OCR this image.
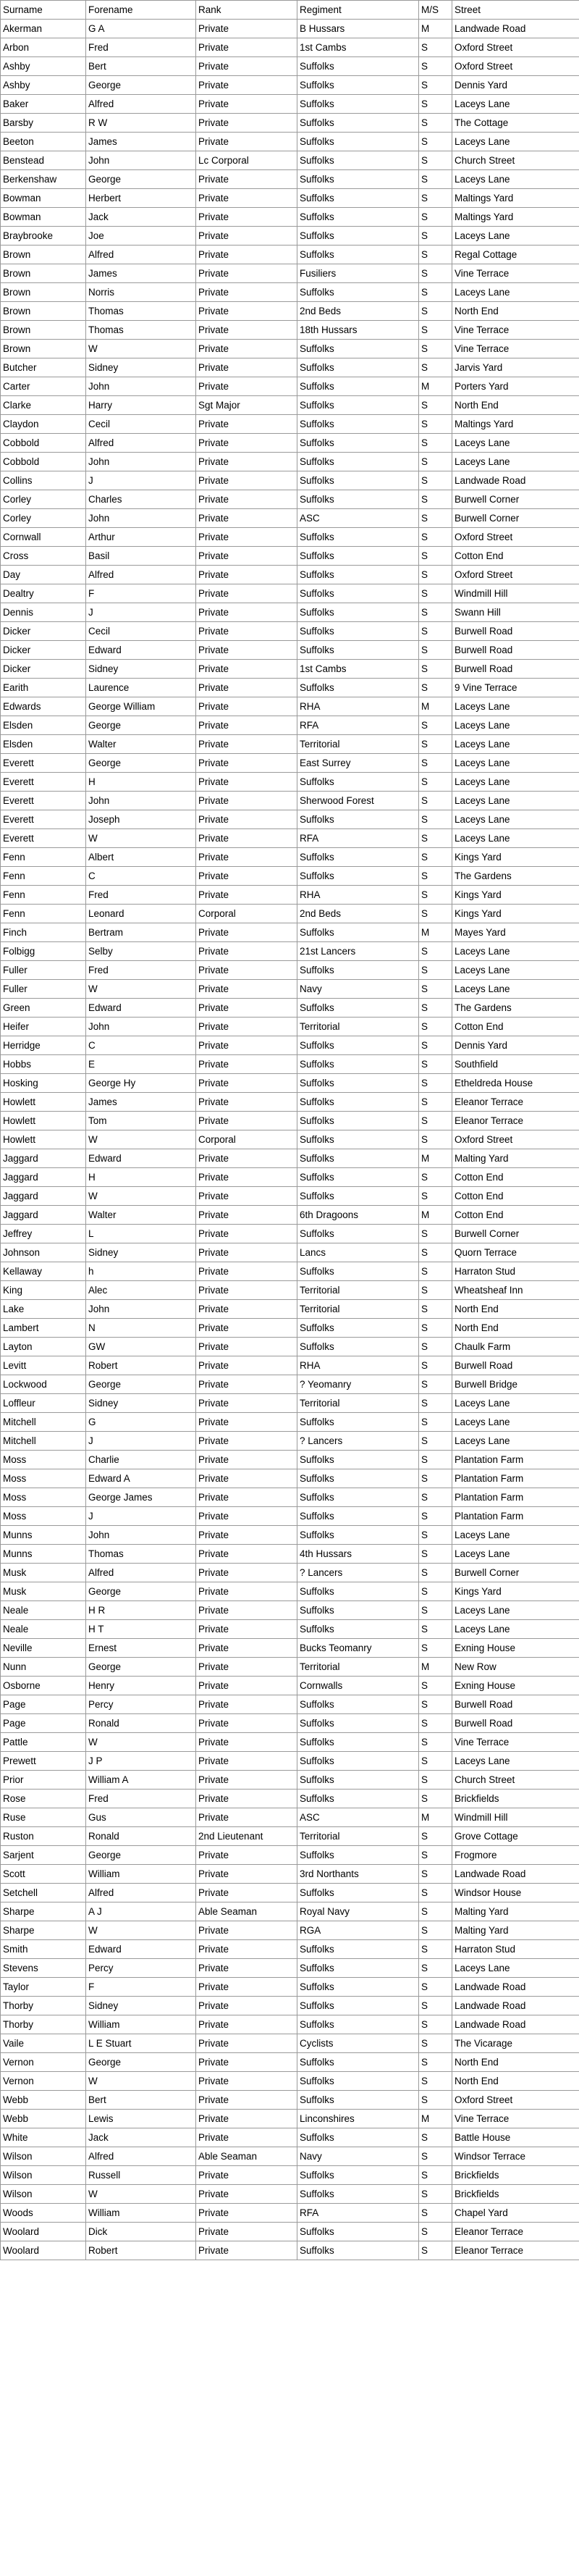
Surname	Forename	Rank	Regiment	M/S	Street
Akerman	G A	Private	B Hussars	M	Landwade Road
Arbon	Fred	Private	1st Cambs	S	Oxford Street
Ashby	Bert	Private	Suffolks	S	Oxford Street
Ashby	George	Private	Suffolks	S	Dennis Yard
Baker	Alfred	Private	Suffolks	S	Laceys Lane
Barsby	R W	Private	Suffolks	S	The Cottage
Beeton	James	Private	Suffolks	S	Laceys Lane
Benstead	John	Lc Corporal	Suffolks	S	Church Street
Berkenshaw	George	Private	Suffolks	S	Laceys Lane
Bowman	Herbert	Private	Suffolks	S	Maltings Yard
Bowman	Jack	Private	Suffolks	S	Maltings Yard
Braybrooke	Joe	Private	Suffolks	S	Laceys Lane
Brown	Alfred	Private	Suffolks	S	Regal Cottage
Brown	James	Private	Fusiliers	S	Vine Terrace
Brown	Norris	Private	Suffolks	S	Laceys Lane
Brown	Thomas	Private	2nd Beds	S	North End
Brown	Thomas	Private	18th Hussars	S	Vine Terrace
Brown	W	Private	Suffolks	S	Vine Terrace
Butcher	Sidney	Private	Suffolks	S	Jarvis Yard
Carter	John	Private	Suffolks	M	Porters Yard
Clarke	Harry	Sgt Major	Suffolks	S	North End
Claydon	Cecil	Private	Suffolks	S	Maltings Yard
Cobbold	Alfred	Private	Suffolks	S	Laceys Lane
Cobbold	John	Private	Suffolks	S	Laceys Lane
Collins	J	Private	Suffolks	S	Landwade Road
Corley	Charles	Private	Suffolks	S	Burwell Corner
Corley	John	Private	ASC	S	Burwell Corner
Cornwall	Arthur	Private	Suffolks	S	Oxford Street
Cross	Basil	Private	Suffolks	S	Cotton End
Day	Alfred	Private	Suffolks	S	Oxford Street
Dealtry	F	Private	Suffolks	S	Windmill Hill
Dennis	J	Private	Suffolks	S	Swann Hill
Dicker	Cecil	Private	Suffolks	S	Burwell Road
Dicker	Edward	Private	Suffolks	S	Burwell Road
Dicker	Sidney	Private	1st Cambs	S	Burwell Road
Earith	Laurence	Private	Suffolks	S	9 Vine Terrace
Edwards	George William	Private	RHA	M	Laceys Lane
Elsden	George	Private	RFA	S	Laceys Lane
Elsden	Walter	Private	Territorial	S	Laceys Lane
Everett	George	Private	East Surrey	S	Laceys Lane
Everett	H	Private	Suffolks	S	Laceys Lane
Everett	John	Private	Sherwood Forest	S	Laceys Lane
Everett	Joseph	Private	Suffolks	S	Laceys Lane
Everett	W	Private	RFA	S	Laceys Lane
Fenn	Albert	Private	Suffolks	S	Kings Yard
Fenn	C	Private	Suffolks	S	The Gardens
Fenn	Fred	Private	RHA	S	Kings Yard
Fenn	Leonard	Corporal	2nd Beds	S	Kings Yard
Finch	Bertram	Private	Suffolks	M	Mayes Yard
Folbigg	Selby	Private	21st Lancers	S	Laceys Lane
Fuller	Fred	Private	Suffolks	S	Laceys Lane
Fuller	W	Private	Navy	S	Laceys Lane
Green	Edward	Private	Suffolks	S	The Gardens
Heifer	John	Private	Territorial	S	Cotton End
Herridge	C	Private	Suffolks	S	Dennis Yard
Hobbs	E	Private	Suffolks	S	Southfield
Hosking	George Hy	Private	Suffolks	S	Etheldreda House
Howlett	James	Private	Suffolks	S	Eleanor Terrace
Howlett	Tom	Private	Suffolks	S	Eleanor Terrace
Howlett	W	Corporal	Suffolks	S	Oxford Street
Jaggard	Edward	Private	Suffolks	M	Malting Yard
Jaggard	H	Private	Suffolks	S	Cotton End
Jaggard	W	Private	Suffolks	S	Cotton End
Jaggard	Walter	Private	6th Dragoons	M	Cotton End
Jeffrey	L	Private	Suffolks	S	Burwell Corner
Johnson	Sidney	Private	Lancs	S	Quorn Terrace
Kellaway	h	Private	Suffolks	S	Harraton Stud
King	Alec	Private	Territorial	S	Wheatsheaf Inn
Lake	John	Private	Territorial	S	North End
Lambert	N	Private	Suffolks	S	North End
Layton	GW	Private	Suffolks	S	Chaulk Farm
Levitt	Robert	Private	RHA	S	Burwell Road
Lockwood	George	Private	? Yeomanry	S	Burwell Bridge
Loffleur	Sidney	Private	Territorial	S	Laceys Lane
Mitchell	G	Private	Suffolks	S	Laceys Lane
Mitchell	J	Private	? Lancers	S	Laceys Lane
Moss	Charlie	Private	Suffolks	S	Plantation Farm
Moss	Edward A	Private	Suffolks	S	Plantation Farm
Moss	George James	Private	Suffolks	S	Plantation Farm
Moss	J	Private	Suffolks	S	Plantation Farm
Munns	John	Private	Suffolks	S	Laceys Lane
Munns	Thomas	Private	4th Hussars	S	Laceys Lane
Musk	Alfred	Private	? Lancers	S	Burwell Corner
Musk	George	Private	Suffolks	S	Kings Yard
Neale	H R	Private	Suffolks	S	Laceys Lane
Neale	H T	Private	Suffolks	S	Laceys Lane
Neville	Ernest	Private	Bucks Teomanry	S	Exning House
Nunn	George	Private	Territorial	M	New Row
Osborne	Henry	Private	Cornwalls	S	Exning House
Page	Percy	Private	Suffolks	S	Burwell Road
Page	Ronald	Private	Suffolks	S	Burwell Road
Pattle	W	Private	Suffolks	S	Vine Terrace
Prewett	J P	Private	Suffolks	S	Laceys Lane
Prior	William A	Private	Suffolks	S	Church Street
Rose	Fred	Private	Suffolks	S	Brickfields
Ruse	Gus	Private	ASC	M	Windmill Hill
Ruston	Ronald	2nd Lieutenant	Territorial	S	Grove Cottage
Sarjent	George	Private	Suffolks	S	Frogmore
Scott	William	Private	3rd Northants	S	Landwade Road
Setchell	Alfred	Private	Suffolks	S	Windsor House
Sharpe	A J	Able Seaman	Royal Navy	S	Malting Yard
Sharpe	W	Private	RGA	S	Malting Yard
Smith	Edward	Private	Suffolks	S	Harraton Stud
Stevens	Percy	Private	Suffolks	S	Laceys Lane
Taylor	F	Private	Suffolks	S	Landwade Road
Thorby	Sidney	Private	Suffolks	S	Landwade Road
Thorby	William	Private	Suffolks	S	Landwade Road
Vaile	L E Stuart	Private	Cyclists	S	The Vicarage
Vernon	George	Private	Suffolks	S	North End
Vernon	W	Private	Suffolks	S	North End
Webb	Bert	Private	Suffolks	S	Oxford Street
Webb	Lewis	Private	Linconshires	M	Vine Terrace
White	Jack	Private	Suffolks	S	Battle House
Wilson	Alfred	Able Seaman	Navy	S	Windsor Terrace
Wilson	Russell	Private	Suffolks	S	Brickfields
Wilson	W	Private	Suffolks	S	Brickfields
Woods	William	Private	RFA	S	Chapel Yard
Woolard	Dick	Private	Suffolks	S	Eleanor Terrace
Woolard	Robert	Private	Suffolks	S	Eleanor Terrace
